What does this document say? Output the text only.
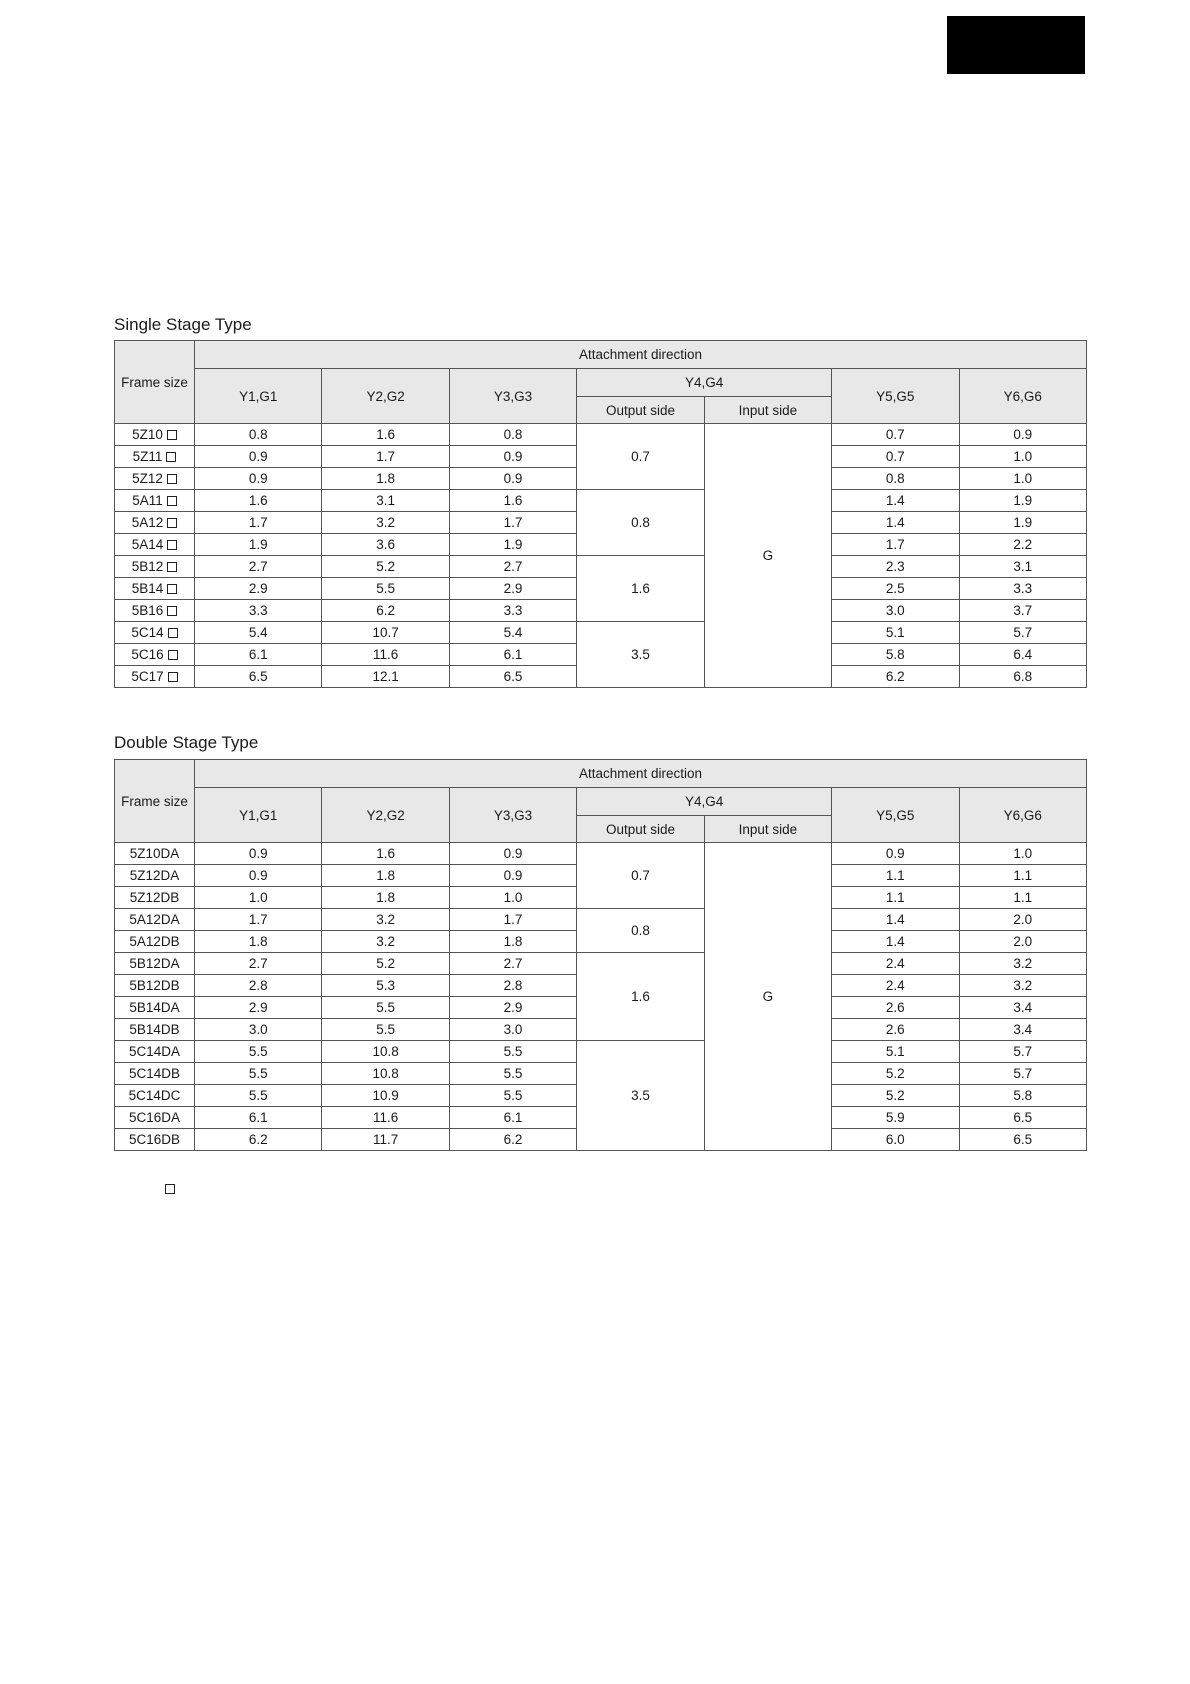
Single Stage Type
Frame size	Attachment direction						
	Y1,G1	Y2,G2	Y3,G3	Y4,G4		Y5,G5	Y6,G6
				Output side	Input side		
5Z10	0.8	1.6	0.8	0.7	G	0.7	0.9
5Z11	0.9	1.7	0.9			0.7	1.0
5Z12	0.9	1.8	0.9			0.8	1.0
5A11	1.6	3.1	1.6	0.8		1.4	1.9
5A12	1.7	3.2	1.7			1.4	1.9
5A14	1.9	3.6	1.9			1.7	2.2
5B12	2.7	5.2	2.7	1.6		2.3	3.1
5B14	2.9	5.5	2.9			2.5	3.3
5B16	3.3	6.2	3.3			3.0	3.7
5C14	5.4	10.7	5.4	3.5		5.1	5.7
5C16	6.1	11.6	6.1			5.8	6.4
5C17	6.5	12.1	6.5			6.2	6.8
Double Stage Type
Frame size	Attachment direction						
	Y1,G1	Y2,G2	Y3,G3	Y4,G4		Y5,G5	Y6,G6
				Output side	Input side		
5Z10DA	0.9	1.6	0.9	0.7	G	0.9	1.0
5Z12DA	0.9	1.8	0.9			1.1	1.1
5Z12DB	1.0	1.8	1.0			1.1	1.1
5A12DA	1.7	3.2	1.7	0.8		1.4	2.0
5A12DB	1.8	3.2	1.8			1.4	2.0
5B12DA	2.7	5.2	2.7	1.6		2.4	3.2
5B12DB	2.8	5.3	2.8			2.4	3.2
5B14DA	2.9	5.5	2.9			2.6	3.4
5B14DB	3.0	5.5	3.0			2.6	3.4
5C14DA	5.5	10.8	5.5	3.5		5.1	5.7
5C14DB	5.5	10.8	5.5			5.2	5.7
5C14DC	5.5	10.9	5.5			5.2	5.8
5C16DA	6.1	11.6	6.1			5.9	6.5
5C16DB	6.2	11.7	6.2			6.0	6.5
